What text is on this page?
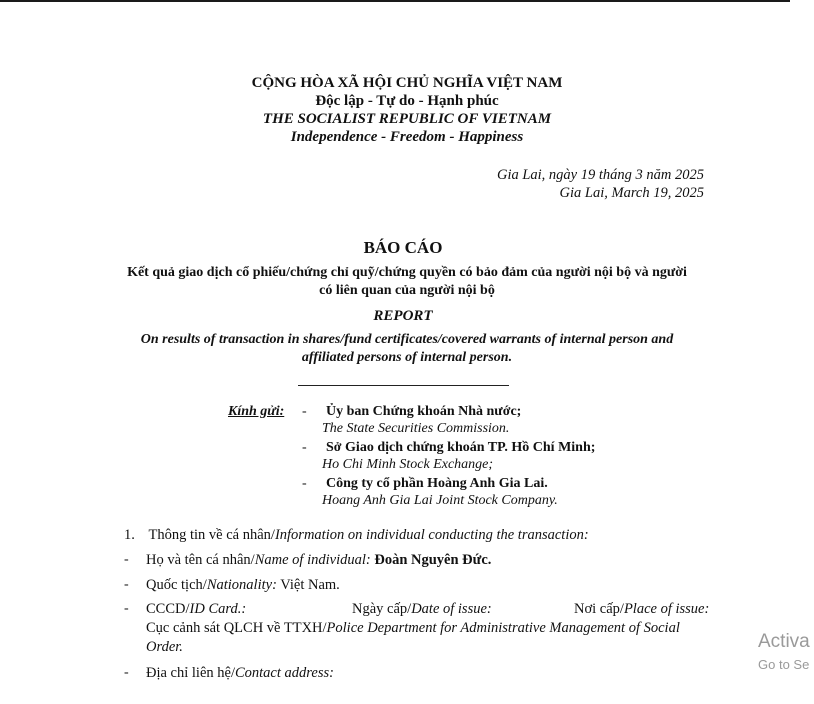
CỘNG HÒA XÃ HỘI CHỦ NGHĨA VIỆT NAM
Độc lập - Tự do - Hạnh phúc
THE SOCIALIST REPUBLIC OF VIETNAM
Independence - Freedom - Happiness
Gia Lai, ngày 19 tháng 3 năm 2025
Gia Lai, March 19, 2025
BÁO CÁO
Kết quả giao dịch cổ phiếu/chứng chỉ quỹ/chứng quyền có bảo đảm của người nội bộ và người
có liên quan của người nội bộ
REPORT
On results of transaction in shares/fund certificates/covered warrants of internal person and
affiliated persons of internal person.
Kính gửi: - Ủy ban Chứng khoán Nhà nước;
The State Securities Commission.
- Sở Giao dịch chứng khoán TP. Hồ Chí Minh;
Ho Chi Minh Stock Exchange;
- Công ty cổ phần Hoàng Anh Gia Lai.
Hoang Anh Gia Lai Joint Stock Company.
1. Thông tin về cá nhân/Information on individual conducting the transaction:
- Họ và tên cá nhân/Name of individual: Đoàn Nguyên Đức.
- Quốc tịch/Nationality: Việt Nam.
- CCCD/ID Card.:	Ngày cấp/Date of issue:	Nơi cấp/Place of issue:
Cục cảnh sát QLCH về TTXH/Police Department for Administrative Management of Social
Order.
- Địa chỉ liên hệ/Contact address:
Activa
Go to Se
